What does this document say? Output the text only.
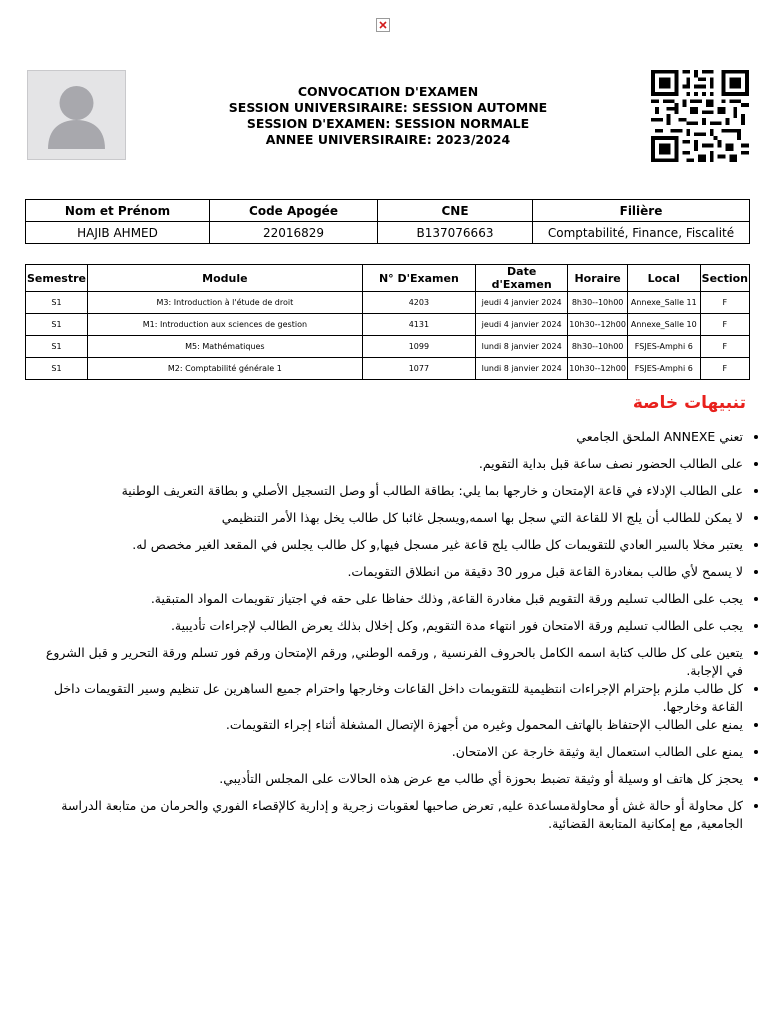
CONVOCATION D'EXAMEN
SESSION UNIVERSIRAIRE: SESSION AUTOMNE
SESSION D'EXAMEN: SESSION NORMALE
ANNEE UNIVERSIRAIRE: 2023/2024
Nom et Prénom	Code Apogée	CNE	Filière
HAJIB AHMED	22016829	B137076663	Comptabilité, Finance, Fiscalité
Semestre	Module	N° D'Examen	Date d'Examen	Horaire	Local	Section
S1	M3: Introduction à l'étude de droit	4203	jeudi 4 janvier 2024	8h30--10h00	Annexe_Salle 11	F
S1	M1: Introduction aux sciences de gestion	4131	jeudi 4 janvier 2024	10h30--12h00	Annexe_Salle 10	F
S1	M5: Mathématiques	1099	lundi 8 janvier 2024	8h30--10h00	FSJES-Amphi 6	F
S1	M2: Comptabilité générale 1	1077	lundi 8 janvier 2024	10h30--12h00	FSJES-Amphi 6	F
تنبيهات خاصة
• تعني ANNEXE الملحق الجامعي
• على الطالب الحضور نصف ساعة قبل بداية التقويم.
• على الطالب الإدلاء في قاعة الإمتحان و خارجها بما يلي: بطاقة الطالب أو وصل التسجيل الأصلي و بطاقة التعريف الوطنية
• لا يمكن للطالب أن يلج الا للقاعة التي سجل بها اسمه,ويسجل غائبا كل طالب يخل بهذا الأمر التنظيمي
• يعتبر مخلا بالسير العادي للتقويمات كل طالب يلج قاعة غير مسجل فيها,و كل طالب يجلس في المقعد الغير مخصص له.
• لا يسمح لأي طالب بمغادرة القاعة قبل مرور 30 دقيقة من انطلاق التقويمات.
• يجب على الطالب تسليم ورقة التقويم قبل مغادرة القاعة, وذلك حفاظا على حقه في اجتياز تقويمات المواد المتبقية.
• يجب على الطالب تسليم ورقة الامتحان فور انتهاء مدة التقويم, وكل إخلال بذلك يعرض الطالب لإجراءات تأديبية.
• يتعين على كل طالب كتابة اسمه الكامل بالحروف الفرنسية , ورقمه الوطني, ورقم الإمتحان ورقم فور تسلم ورقة التحرير و قبل الشروع في الإجابة.
• كل طالب ملزم بإحترام الإجراءات انتظيمية للتقويمات داخل القاعات وخارجها واحترام جميع الساهرين عل تنظيم وسير التقويمات داخل القاعة وخارجها.
• يمنع على الطالب الإحتفاظ بالهاتف المحمول وغيره من أجهزة الإتصال المشغلة أثناء إجراء التقويمات.
• يمنع على الطالب استعمال اية وثيقة خارجة عن الامتحان.
• يحجز كل هاتف او وسيلة أو وثيقة تضبط بحوزة أي طالب مع عرض هذه الحالات على المجلس التأديبي.
• كل محاولة أو حالة غش أو محاولةمساعدة عليه, تعرض صاحبها لعقوبات زجرية و إدارية كالإقصاء الفوري والحرمان من متابعة الدراسة الجامعية, مع إمكانية المتابعة القضائية.
